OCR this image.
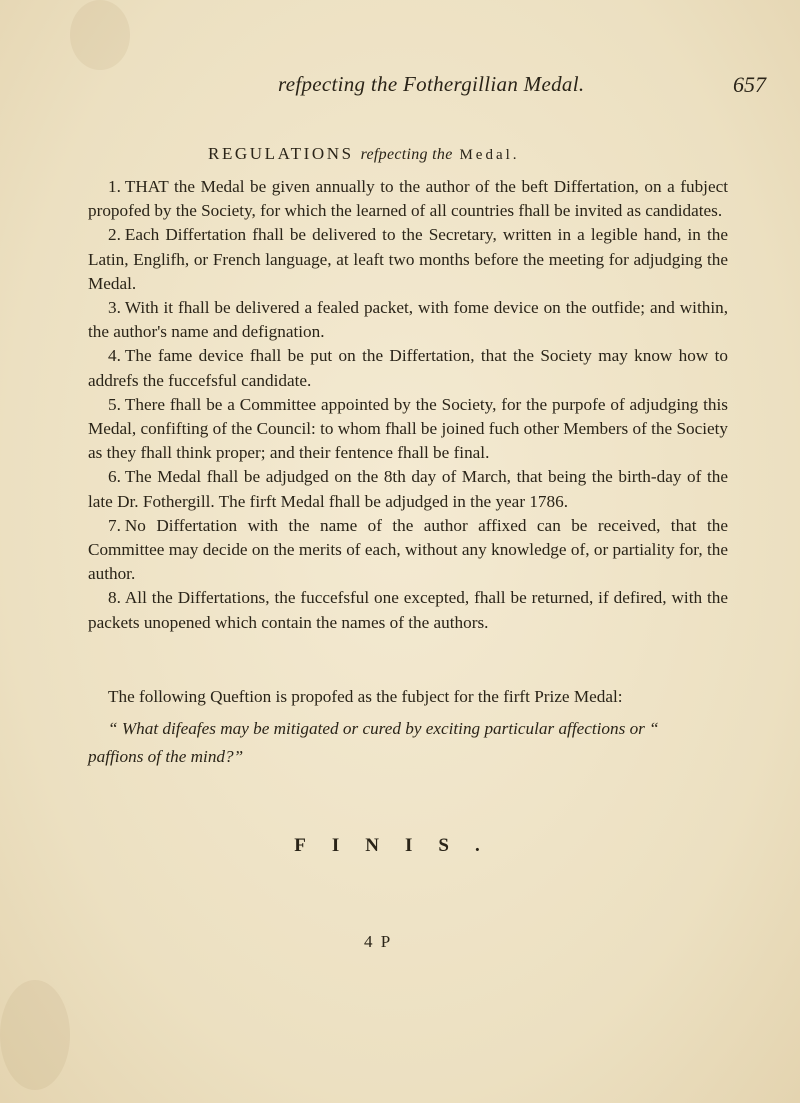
refpecting the Fothergillian Medal.	657
REGULATIONS refpecting the Medal.

1. THAT the Medal be given annually to the author of the beft Differtation, on a fubject propofed by the Society, for which the learned of all countries fhall be invited as candidates.

2. Each Differtation fhall be delivered to the Secretary, written in a legible hand, in the Latin, Englifh, or French language, at leaft two months before the meeting for adjudging the Medal.

3. With it fhall be delivered a fealed packet, with fome device on the outfide; and within, the author's name and defignation.

4. The fame device fhall be put on the Differtation, that the Society may know how to addrefs the fuccefsful candidate.

5. There fhall be a Committee appointed by the Society, for the purpofe of adjudging this Medal, confifting of the Council: to whom fhall be joined fuch other Members of the Society as they fhall think proper; and their fentence fhall be final.

6. The Medal fhall be adjudged on the 8th day of March, that being the birth-day of the late Dr. Fothergill. The firft Medal fhall be adjudged in the year 1786.

7. No Differtation with the name of the author affixed can be received, that the Committee may decide on the merits of each, without any knowledge of, or partiality for, the author.

8. All the Differtations, the fuccefsful one excepted, fhall be returned, if defired, with the packets unopened which contain the names of the authors.

The following Queftion is propofed as the fubject for the firft Prize Medal:

“ What difeafes may be mitigated or cured by exciting particular affections or “ paffions of the mind?”

FINIS.
4 P
